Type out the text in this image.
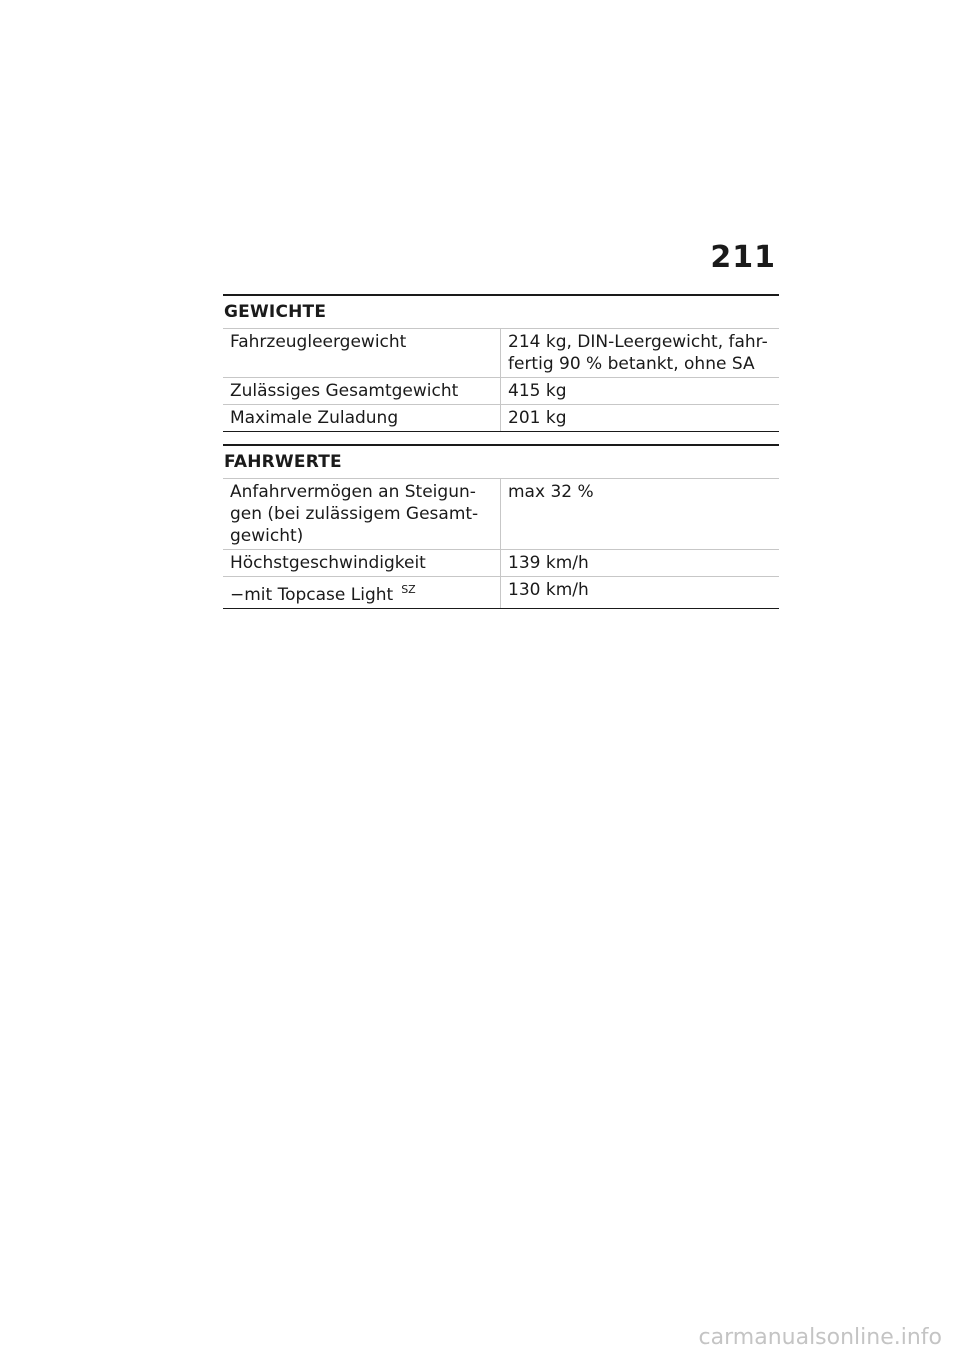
211
GEWICHTE
Fahrzeugleergewicht	214 kg, DIN-Leergewicht, fahr-
fertig 90 % betankt, ohne SA
Zulässiges Gesamtgewicht	415 kg
Maximale Zuladung	201 kg
FAHRWERTE
Anfahrvermögen an Steigun-
gen (bei zulässigem Gesamt-
gewicht)	max 32 %
Höchstgeschwindigkeit	139 km/h
−mit Topcase Light $^{SZ}$	130 km/h
carmanualsonline.info
